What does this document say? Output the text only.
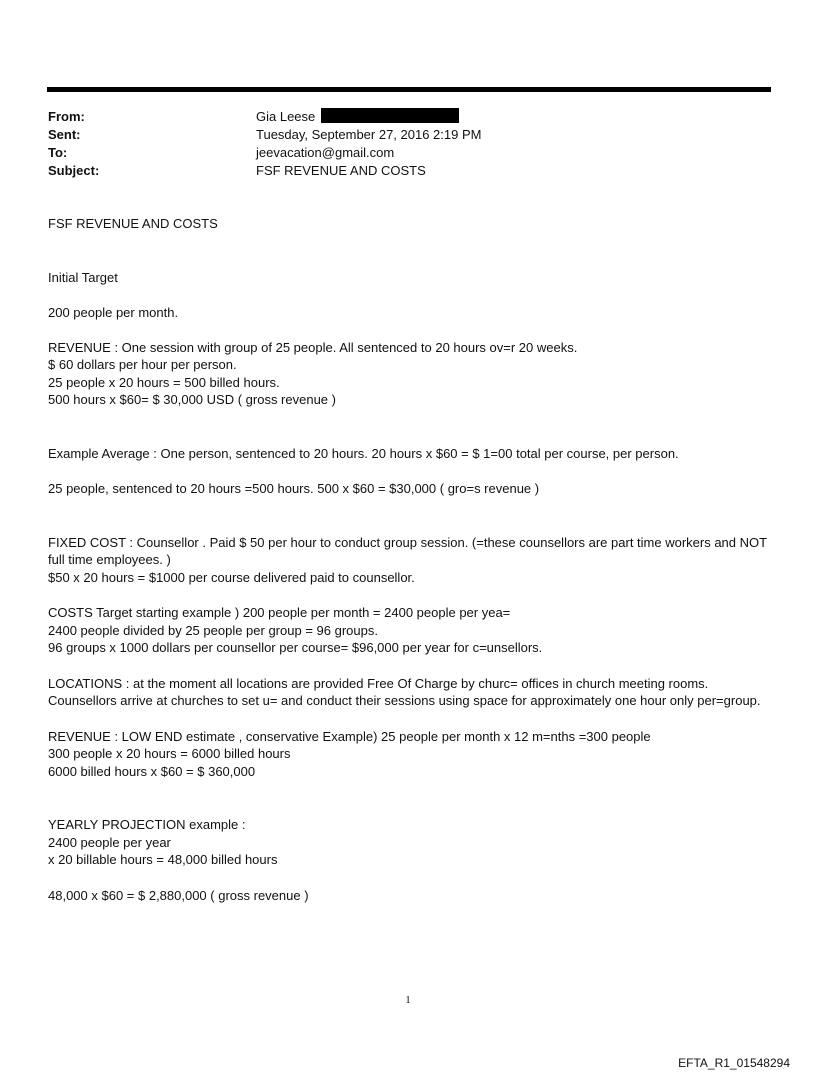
From:	Gia Leese
Sent:	Tuesday, September 27, 2016 2:19 PM
To:	jeevacation@gmail.com
Subject:	FSF REVENUE AND COSTS

FSF REVENUE AND COSTS

Initial Target

200 people per month.

REVENUE : One session with group of 25 people. All sentenced to 20 hours ov=r 20 weeks.
$ 60 dollars per hour per person.
25 people x 20 hours = 500 billed hours.
500 hours x $60= $ 30,000 USD ( gross revenue )

Example Average : One person, sentenced to 20 hours. 20 hours x $60 = $ 1=00 total per course, per person.

25 people, sentenced to 20 hours =500 hours. 500 x $60 = $30,000 ( gro=s revenue )

FIXED COST : Counsellor . Paid $ 50 per hour to conduct group session. (=these counsellors are part time workers and NOT full time employees. )
$50 x 20 hours = $1000 per course delivered paid to counsellor.
COSTS Target starting example ) 200 people per month = 2400 people per yea=
2400 people divided by 25 people per group = 96 groups.
96 groups x 1000 dollars per counsellor per course= $96,000 per year for c=unsellors.
LOCATIONS : at the moment all locations are provided Free Of Charge by churc= offices in church meeting rooms. Counsellors arrive at churches to set u= and conduct their sessions using space for approximately one hour only per=group.
REVENUE : LOW END estimate , conservative Example) 25 people per month x 12 m=nths =300 people
300 people x 20 hours = 6000 billed hours
6000 billed hours x $60 = $ 360,000
YEARLY PROJECTION example :
2400 people per year
x 20 billable hours = 48,000 billed hours

48,000 x $60 = $ 2,880,000 ( gross revenue )

1
EFTA_R1_01548294
